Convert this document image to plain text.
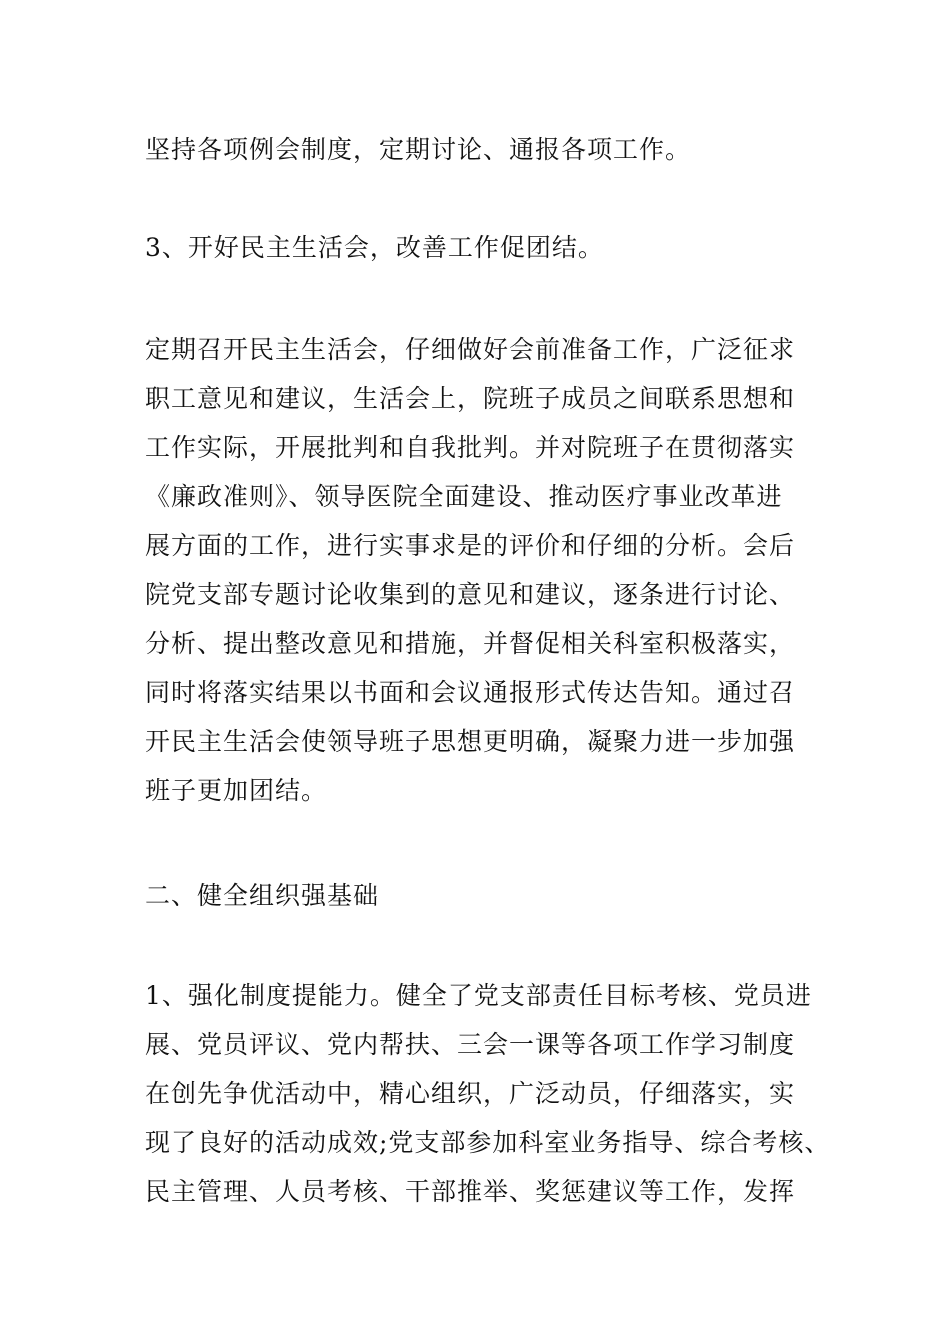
坚持各项例会制度，定期讨论、通报各项工作。
3、开好民主生活会，改善工作促团结。
定期召开民主生活会，仔细做好会前准备工作，广泛征求
职工意见和建议，生活会上，院班子成员之间联系思想和
工作实际，开展批判和自我批判。并对院班子在贯彻落实
《廉政准则》、领导医院全面建设、推动医疗事业改革进
展方面的工作，进行实事求是的评价和仔细的分析。会后
院党支部专题讨论收集到的意见和建议，逐条进行讨论、
分析、提出整改意见和措施，并督促相关科室积极落实，
同时将落实结果以书面和会议通报形式传达告知。通过召
开民主生活会使领导班子思想更明确，凝聚力进一步加强
班子更加团结。
二、健全组织强基础
1、强化制度提能力。健全了党支部责任目标考核、党员进
展、党员评议、党内帮扶、三会一课等各项工作学习制度
在创先争优活动中，精心组织，广泛动员，仔细落实，实
现了良好的活动成效;党支部参加科室业务指导、综合考核、
民主管理、人员考核、干部推举、奖惩建议等工作，发挥
